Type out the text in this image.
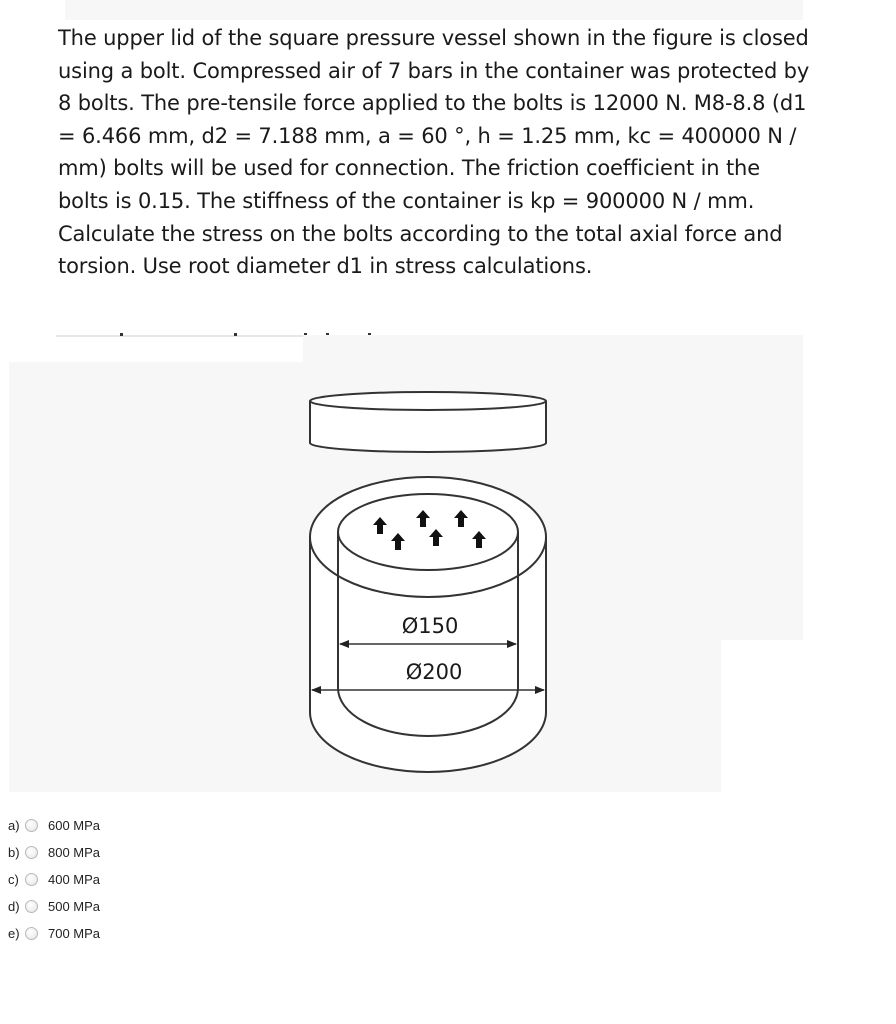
The upper lid of the square pressure vessel shown in the figure is closed using a bolt. Compressed air of 7 bars in the container was protected by 8 bolts. The pre-tensile force applied to the bolts is 12000 N. M8-8.8 (d1 = 6.466 mm, d2 = 7.188 mm, a = 60 °, h = 1.25 mm, kc = 400000 N / mm) bolts will be used for connection. The friction coefficient in the bolts is 0.15. The stiffness of the container is kp = 900000 N / mm. Calculate the stress on the bolts according to the total axial force and torsion. Use root diameter d1 in stress calculations.

Ø150
Ø200
a)	600 MPa
b)	800 MPa
c)	400 MPa
d)	500 MPa
e)	700 MPa
